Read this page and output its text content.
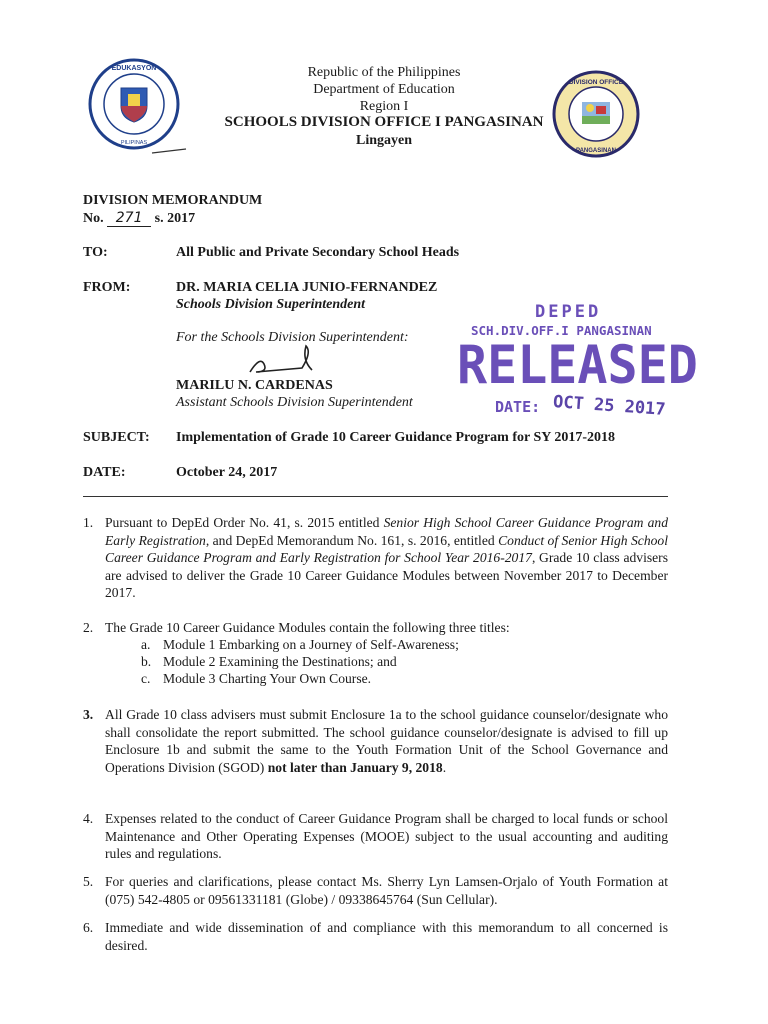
EDUKASYON
PILIPINAS
DIVISION OFFICE
PANGASINAN
Republic of the Philippines
Department of Education
Region I
SCHOOLS DIVISION OFFICE I PANGASINAN
Lingayen
DIVISION MEMORANDUM
No. 271 s. 2017
TO:	All Public and Private Secondary School Heads
FROM:	DR. MARIA CELIA JUNIO-FERNANDEZ
Schools Division Superintendent
For the Schools Division Superintendent:
MARILU N. CARDENAS
Assistant Schools Division Superintendent
SUBJECT: Implementation of Grade 10 Career Guidance Program for SY 2017-2018
DATE:	October 24, 2017
DEPED
SCH.DIV.OFF.I PANGASINAN
RELEASED
DATE: OCT 25 2017
1. Pursuant to DepEd Order No. 41, s. 2015 entitled Senior High School Career Guidance Program and Early Registration, and DepEd Memorandum No. 161, s. 2016, entitled Conduct of Senior High School Career Guidance Program and Early Registration for School Year 2016-2017, Grade 10 class advisers are advised to deliver the Grade 10 Career Guidance Modules between November 2017 to December 2017.
2. The Grade 10 Career Guidance Modules contain the following three titles:
a. Module 1 Embarking on a Journey of Self-Awareness;
b. Module 2 Examining the Destinations; and
c. Module 3 Charting Your Own Course.
3. All Grade 10 class advisers must submit Enclosure 1a to the school guidance counselor/designate who shall consolidate the report submitted. The school guidance counselor/designate is advised to fill up Enclosure 1b and submit the same to the Youth Formation Unit of the School Governance and Operations Division (SGOD) not later than January 9, 2018.
4. Expenses related to the conduct of Career Guidance Program shall be charged to local funds or school Maintenance and Other Operating Expenses (MOOE) subject to the usual accounting and auditing rules and regulations.
5. For queries and clarifications, please contact Ms. Sherry Lyn Lamsen-Orjalo of Youth Formation at (075) 542-4805 or 09561331181 (Globe) / 09338645764 (Sun Cellular).
6. Immediate and wide dissemination of and compliance with this memorandum to all concerned is desired.
